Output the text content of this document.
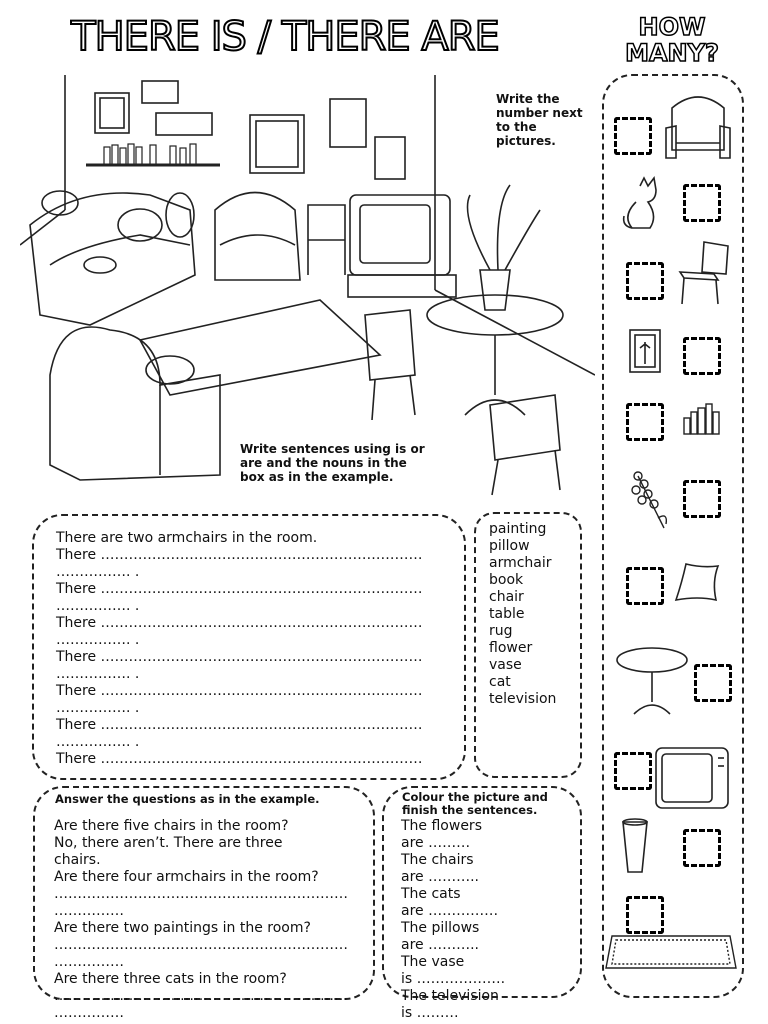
THERE IS / THERE ARE	HOW
MANY?
Write the number next to the pictures.
Write sentences using is or are and the nouns in the box as in the example.
There are two armchairs in the room.
There ……………………………………………………………
……………. .
There ……………………………………………………………
……………. .
There ……………………………………………………………
……………. .
There ……………………………………………………………
……………. .
There ……………………………………………………………
……………. .
There ……………………………………………………………
……………. .
There ……………………………………………………………
painting
pillow
armchair
book
chair
table
rug
flower
vase
cat
television
Answer the questions as in the example.
Are there five chairs in the room?
No, there aren’t. There are three
chairs.
Are there four armchairs in the room?
………………………………………………………
……………
Are there two paintings in the room?
………………………………………………………
……………
Are there three cats in the room?
………………………………………………………
……………
Colour the picture and finish the sentences.
The flowers
are ………
The chairs
are ………..
The cats
are ……………
The pillows
are ………..
The vase
is ……………….
The television
is ………
